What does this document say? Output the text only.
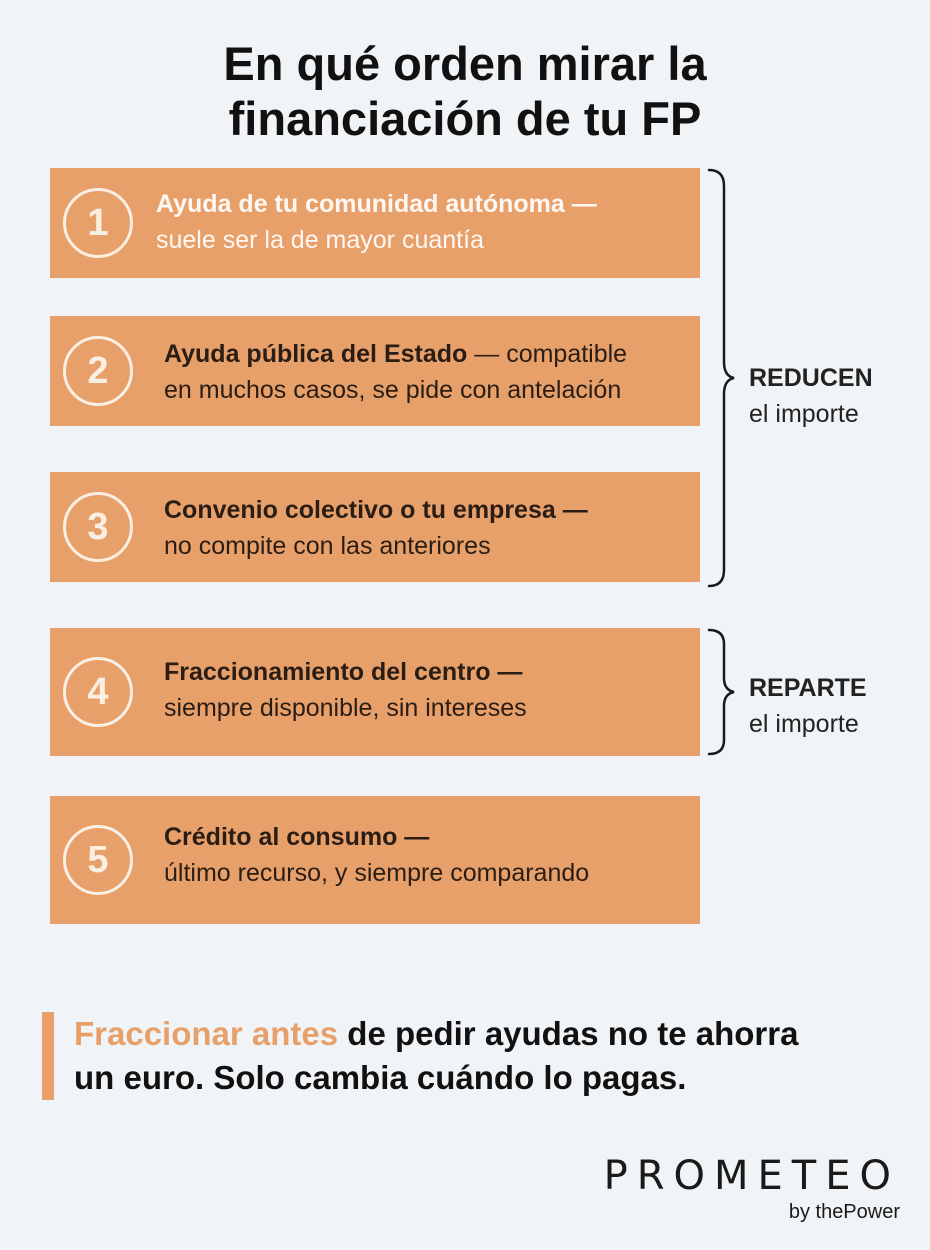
En qué orden mirar la
financiación de tu FP
1	Ayuda de tu comunidad autónoma —
suele ser la de mayor cuantía
2	Ayuda pública del Estado — compatible
en muchos casos, se pide con antelación
3	Convenio colectivo o tu empresa —
no compite con las anteriores
4	Fraccionamiento del centro —
siempre disponible, sin intereses
5
Crédito al consumo —
último recurso, y siempre comparando
REDUCEN
el importe
REPARTE
el importe
Fraccionar antes de pedir ayudas no te ahorra
un euro. Solo cambia cuándo lo pagas.
PROMETEO
by thePower
